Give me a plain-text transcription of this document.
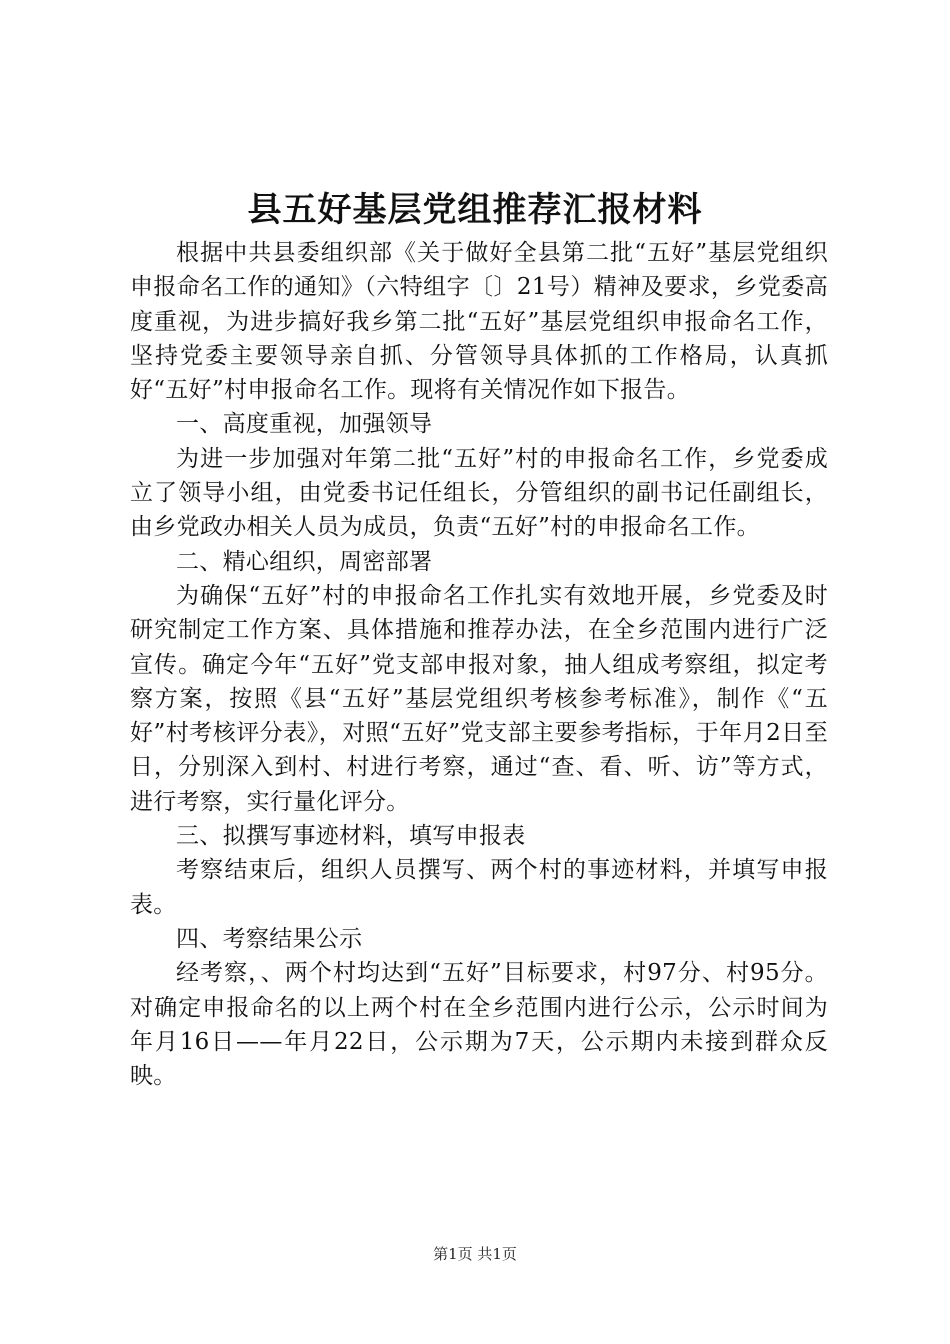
县五好基层党组推荐汇报材料

根据中共县委组织部《关于做好全县第二批“五好”基层党组织申报命名工作的通知》（六特组字〔〕21号）精神及要求，乡党委高度重视，为进步搞好我乡第二批“五好”基层党组织申报命名工作，坚持党委主要领导亲自抓、分管领导具体抓的工作格局，认真抓好“五好”村申报命名工作。现将有关情况作如下报告。

一、高度重视，加强领导

为进一步加强对年第二批“五好”村的申报命名工作，乡党委成立了领导小组，由党委书记任组长，分管组织的副书记任副组长，由乡党政办相关人员为成员，负责“五好”村的申报命名工作。

二、精心组织，周密部署

为确保“五好”村的申报命名工作扎实有效地开展，乡党委及时研究制定工作方案、具体措施和推荐办法，在全乡范围内进行广泛宣传。确定今年“五好”党支部申报对象，抽人组成考察组，拟定考察方案，按照《县“五好”基层党组织考核参考标准》，制作《“五好”村考核评分表》，对照“五好”党支部主要参考指标，于年月2日至日，分别深入到村、村进行考察，通过“查、看、听、访”等方式，进行考察，实行量化评分。

三、拟撰写事迹材料，填写申报表

考察结束后，组织人员撰写、两个村的事迹材料，并填写申报表。

四、考察结果公示

经考察，、两个村均达到“五好”目标要求，村97分、村95分。对确定申报命名的以上两个村在全乡范围内进行公示，公示时间为年月16日——年月22日，公示期为7天，公示期内未接到群众反映。

第1页 共1页
